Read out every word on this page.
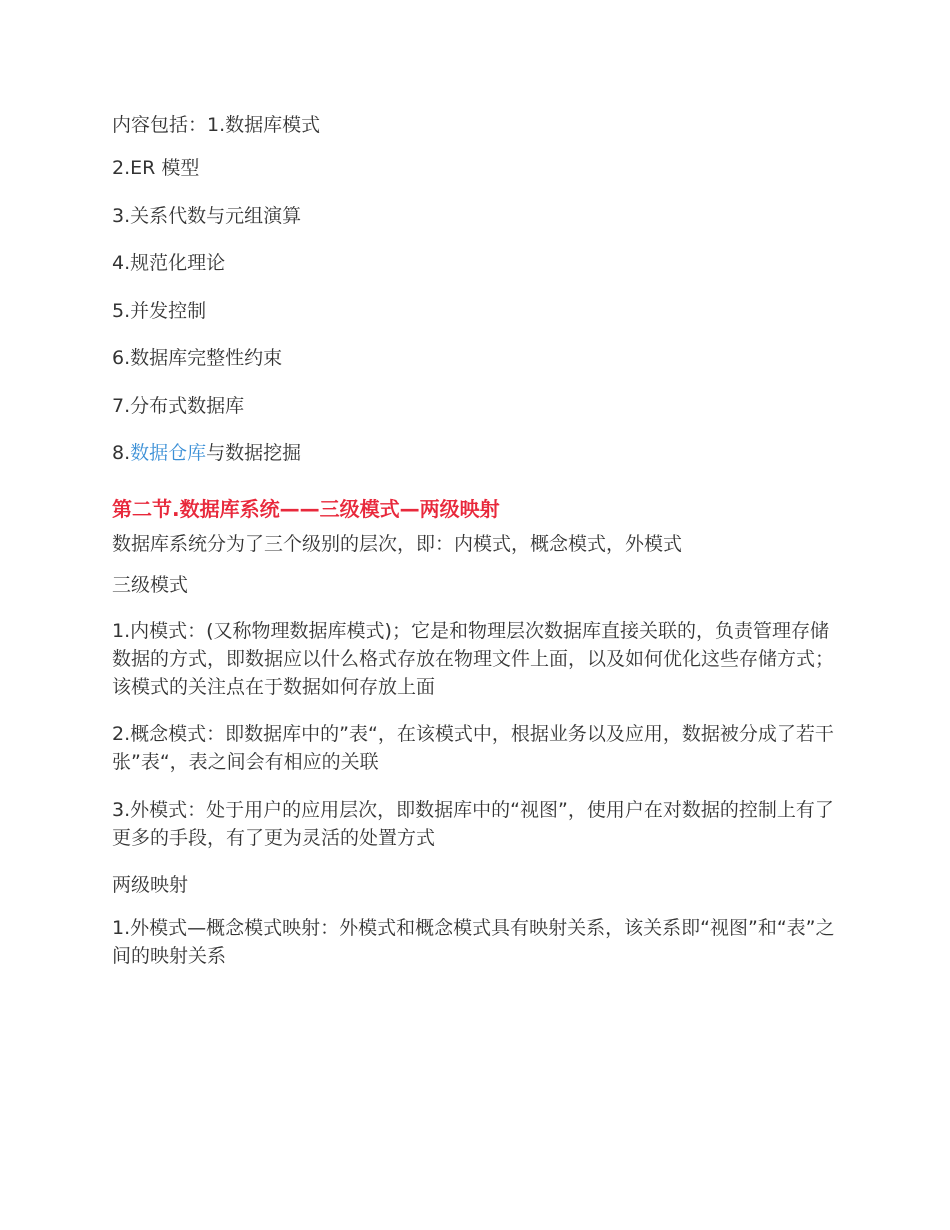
内容包括：1.数据库模式
2.ER 模型
3.关系代数与元组演算
4.规范化理论
5.并发控制
6.数据库完整性约束
7.分布式数据库
8.数据仓库与数据挖掘
第二节.数据库系统——三级模式—两级映射
数据库系统分为了三个级别的层次，即：内模式，概念模式，外模式
三级模式
1.内模式：(又称物理数据库模式)；它是和物理层次数据库直接关联的，负责管理存储数据的方式，即数据应以什么格式存放在物理文件上面，以及如何优化这些存储方式；该模式的关注点在于数据如何存放上面
2.概念模式：即数据库中的”表“，在该模式中，根据业务以及应用，数据被分成了若干张”表“，表之间会有相应的关联
3.外模式：处于用户的应用层次，即数据库中的“视图”，使用户在对数据的控制上有了更多的手段，有了更为灵活的处置方式
两级映射
1.外模式—概念模式映射：外模式和概念模式具有映射关系，该关系即“视图”和“表”之间的映射关系
